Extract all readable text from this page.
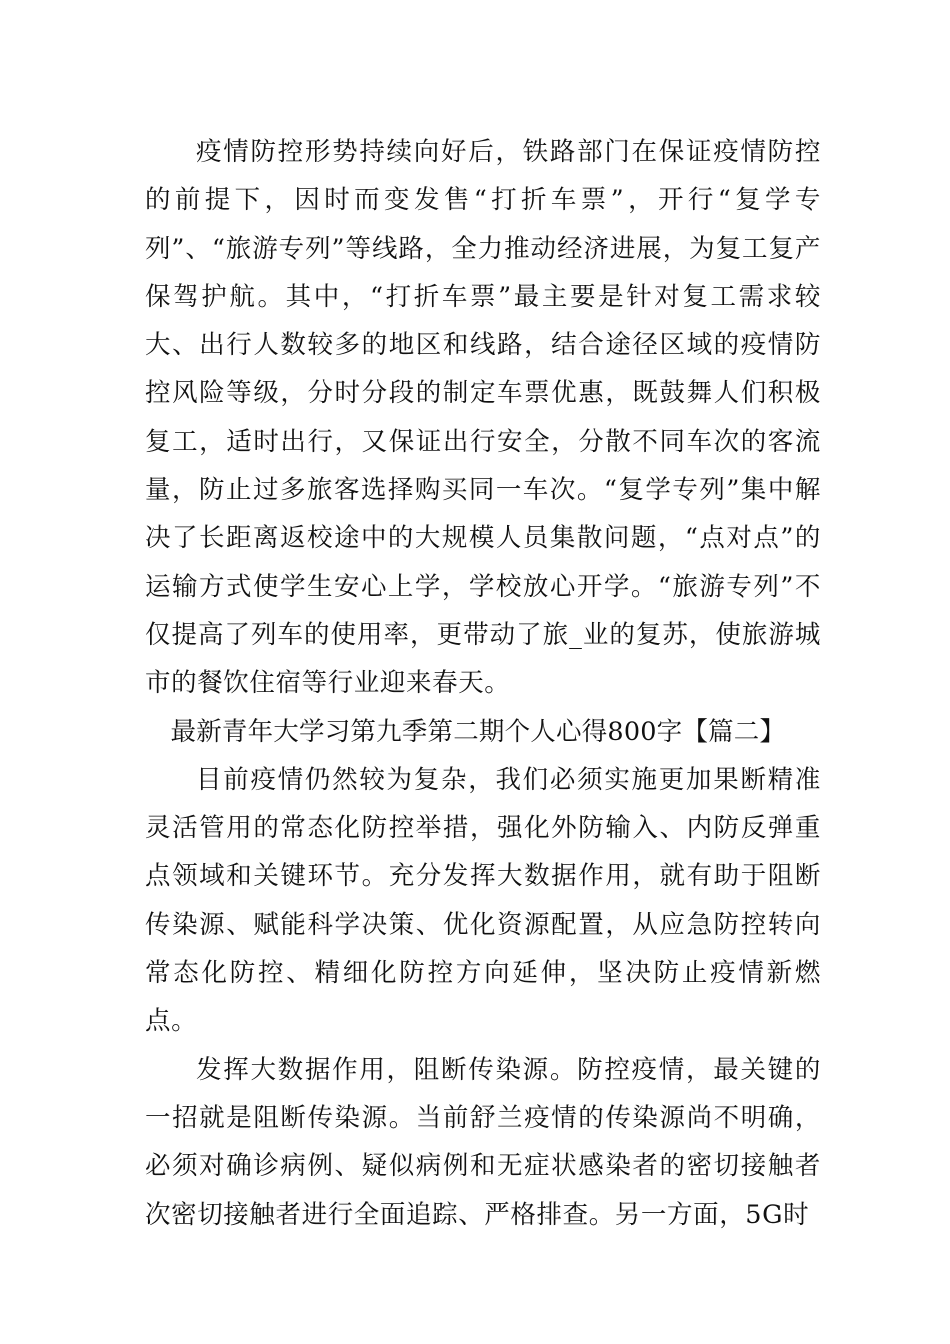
疫情防控形势持续向好后，铁路部门在保证疫情防控的前提下，因时而变发售“打折车票”，开行“复学专列”、“旅游专列”等线路，全力推动经济进展，为复工复产保驾护航。其中，“打折车票”最主要是针对复工需求较大、出行人数较多的地区和线路，结合途径区域的疫情防控风险等级，分时分段的制定车票优惠，既鼓舞人们积极复工，适时出行，又保证出行安全，分散不同车次的客流量，防止过多旅客选择购买同一车次。“复学专列”集中解决了长距离返校途中的大规模人员集散问题，“点对点”的运输方式使学生安心上学，学校放心开学。“旅游专列”不仅提高了列车的使用率，更带动了旅_业的复苏，使旅游城市的餐饮住宿等行业迎来春天。

最新青年大学习第九季第二期个人心得800字【篇二】

目前疫情仍然较为复杂，我们必须实施更加果断精准灵活管用的常态化防控举措，强化外防输入、内防反弹重点领域和关键环节。充分发挥大数据作用，就有助于阻断传染源、赋能科学决策、优化资源配置，从应急防控转向常态化防控、精细化防控方向延伸，坚决防止疫情新燃点。

发挥大数据作用，阻断传染源。防控疫情，最关键的一招就是阻断传染源。当前舒兰疫情的传染源尚不明确，必须对确诊病例、疑似病例和无症状感染者的密切接触者次密切接触者进行全面追踪、严格排查。另一方面，5G时
